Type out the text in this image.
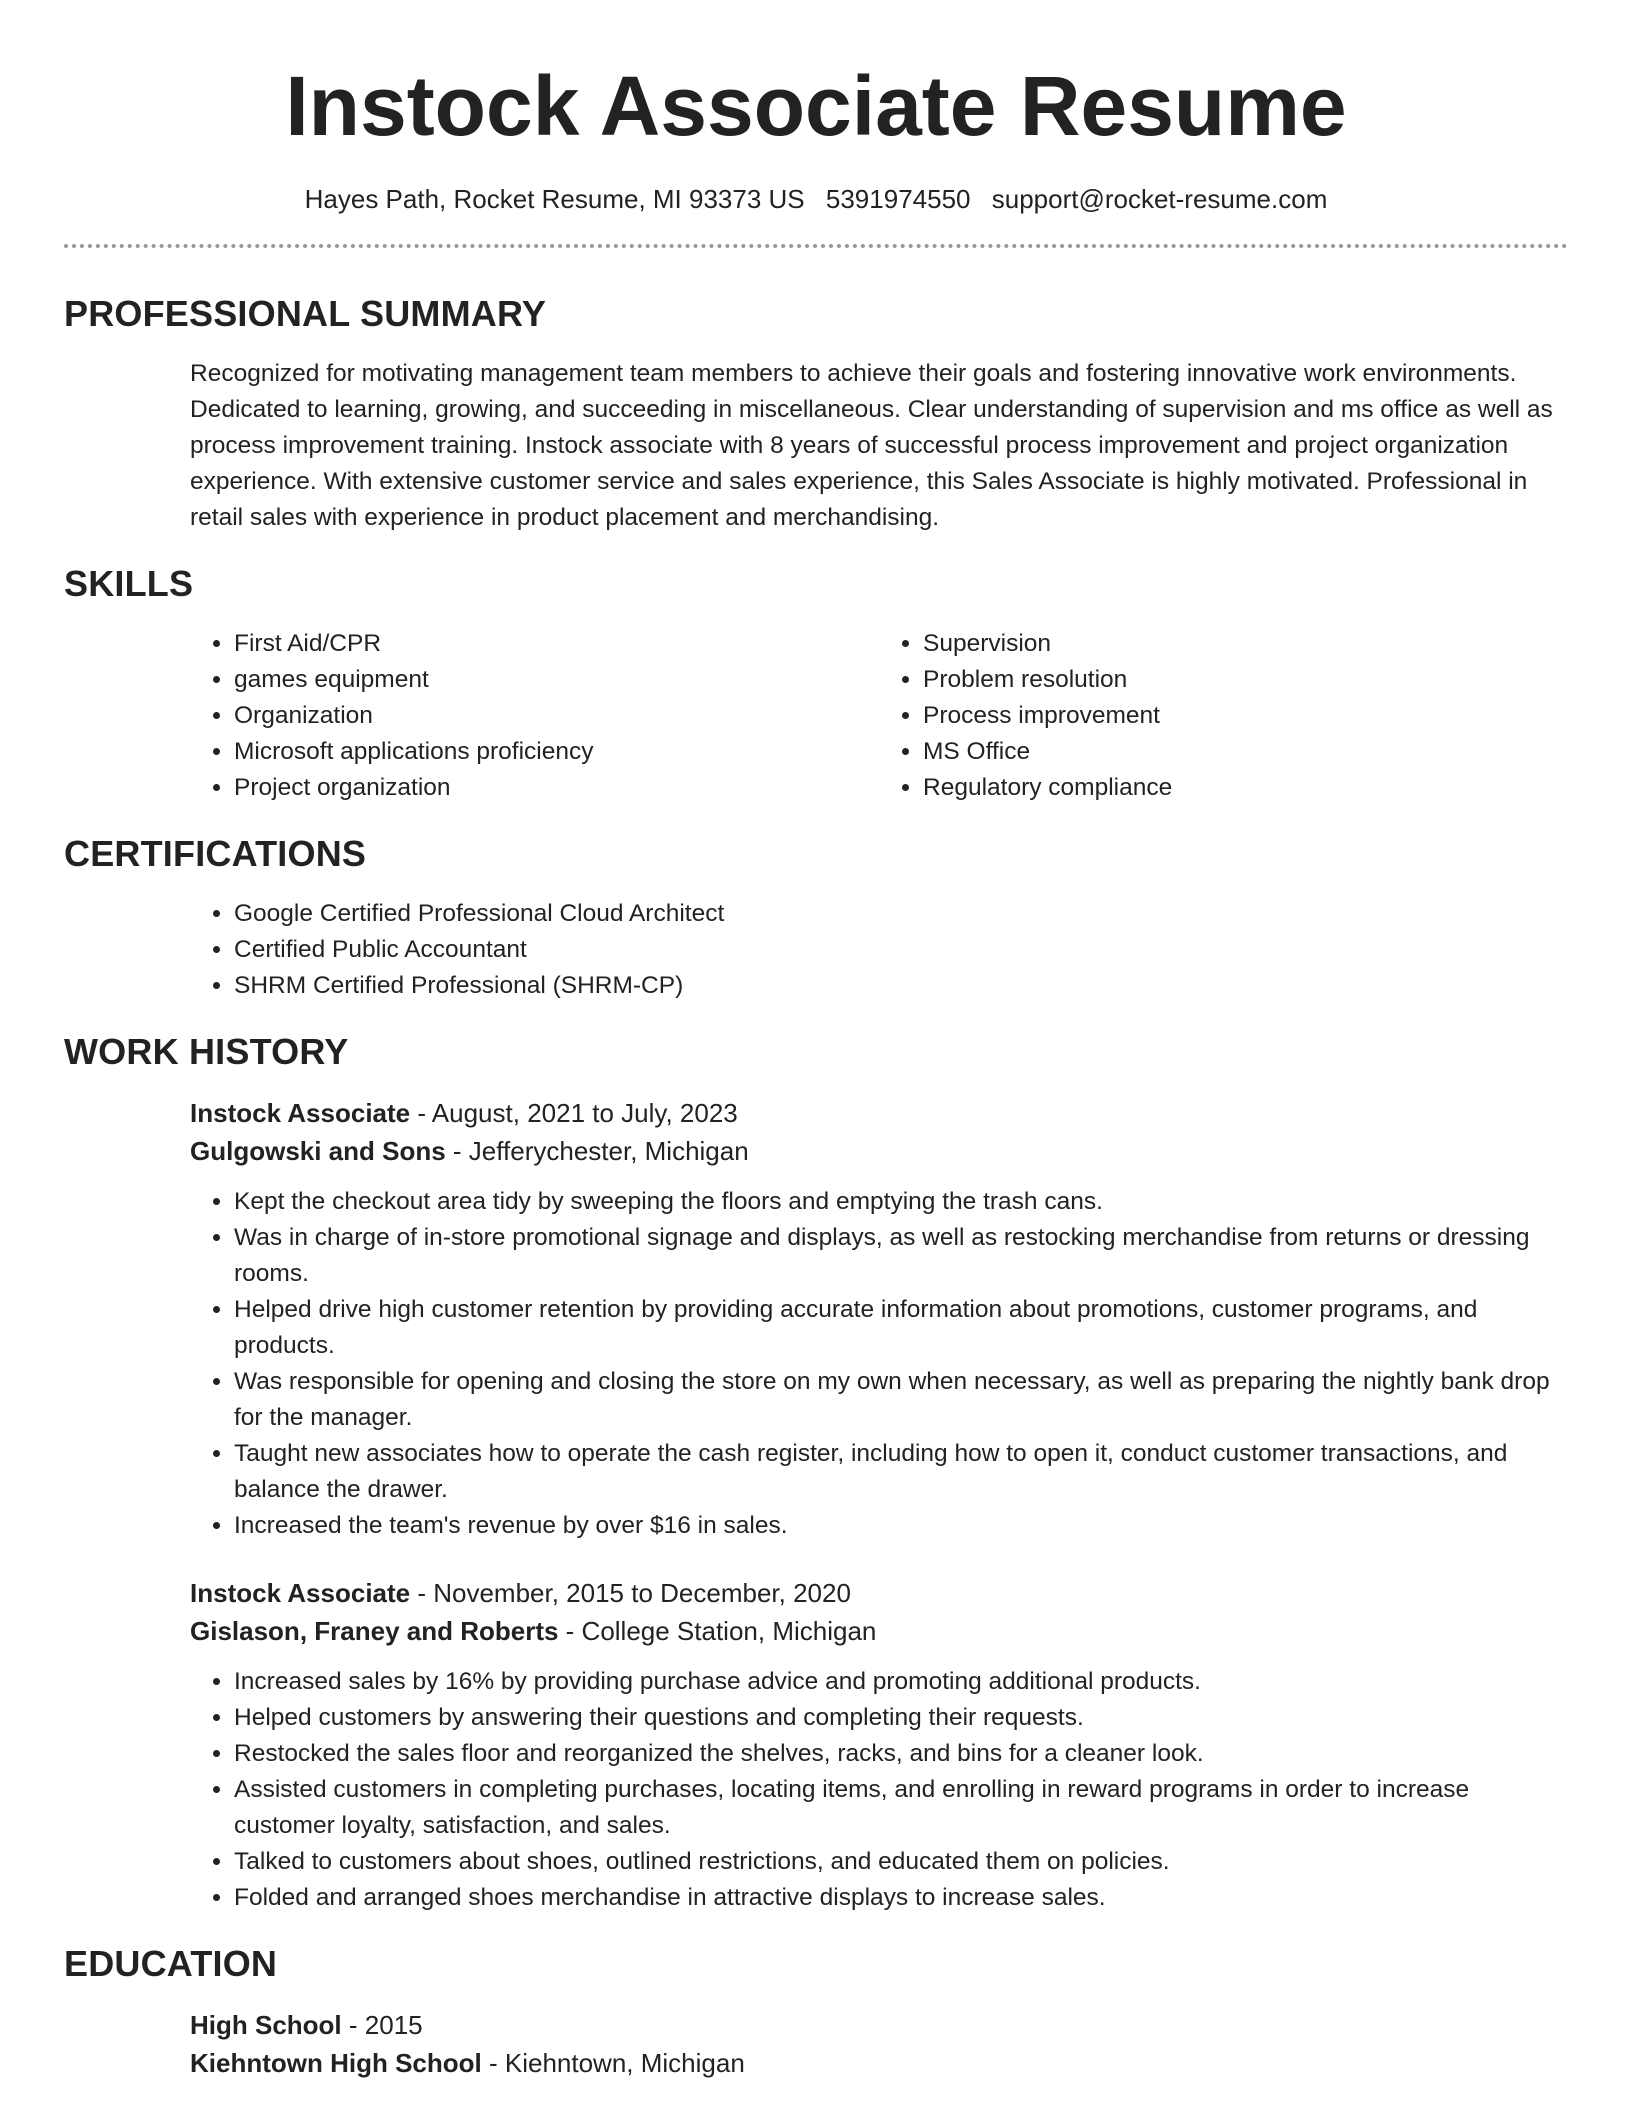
Instock Associate Resume
Hayes Path, Rocket Resume, MI 93373 US 5391974550 support@rocket-resume.com
PROFESSIONAL SUMMARY

Recognized for motivating management team members to achieve their goals and fostering innovative work environments. Dedicated to learning, growing, and succeeding in miscellaneous. Clear understanding of supervision and ms office as well as process improvement training. Instock associate with 8 years of successful process improvement and project organization experience. With extensive customer service and sales experience, this Sales Associate is highly motivated. Professional in retail sales with experience in product placement and merchandising.

SKILLS
• First Aid/CPR
• games equipment
• Organization
• Microsoft applications proficiency
• Project organization
• Supervision
• Problem resolution
• Process improvement
• MS Office
• Regulatory compliance
CERTIFICATIONS
• Google Certified Professional Cloud Architect
• Certified Public Accountant
• SHRM Certified Professional (SHRM-CP)
WORK HISTORY
Instock Associate - August, 2021 to July, 2023
Gulgowski and Sons - Jefferychester, Michigan
• Kept the checkout area tidy by sweeping the floors and emptying the trash cans.
• Was in charge of in-store promotional signage and displays, as well as restocking merchandise from returns or dressing rooms.
• Helped drive high customer retention by providing accurate information about promotions, customer programs, and products.
• Was responsible for opening and closing the store on my own when necessary, as well as preparing the nightly bank drop for the manager.
• Taught new associates how to operate the cash register, including how to open it, conduct customer transactions, and balance the drawer.
• Increased the team's revenue by over $16 in sales.
Instock Associate - November, 2015 to December, 2020
Gislason, Franey and Roberts - College Station, Michigan
• Increased sales by 16% by providing purchase advice and promoting additional products.
• Helped customers by answering their questions and completing their requests.
• Restocked the sales floor and reorganized the shelves, racks, and bins for a cleaner look.
• Assisted customers in completing purchases, locating items, and enrolling in reward programs in order to increase customer loyalty, satisfaction, and sales.
• Talked to customers about shoes, outlined restrictions, and educated them on policies.
• Folded and arranged shoes merchandise in attractive displays to increase sales.
EDUCATION
High School - 2015
Kiehntown High School - Kiehntown, Michigan
